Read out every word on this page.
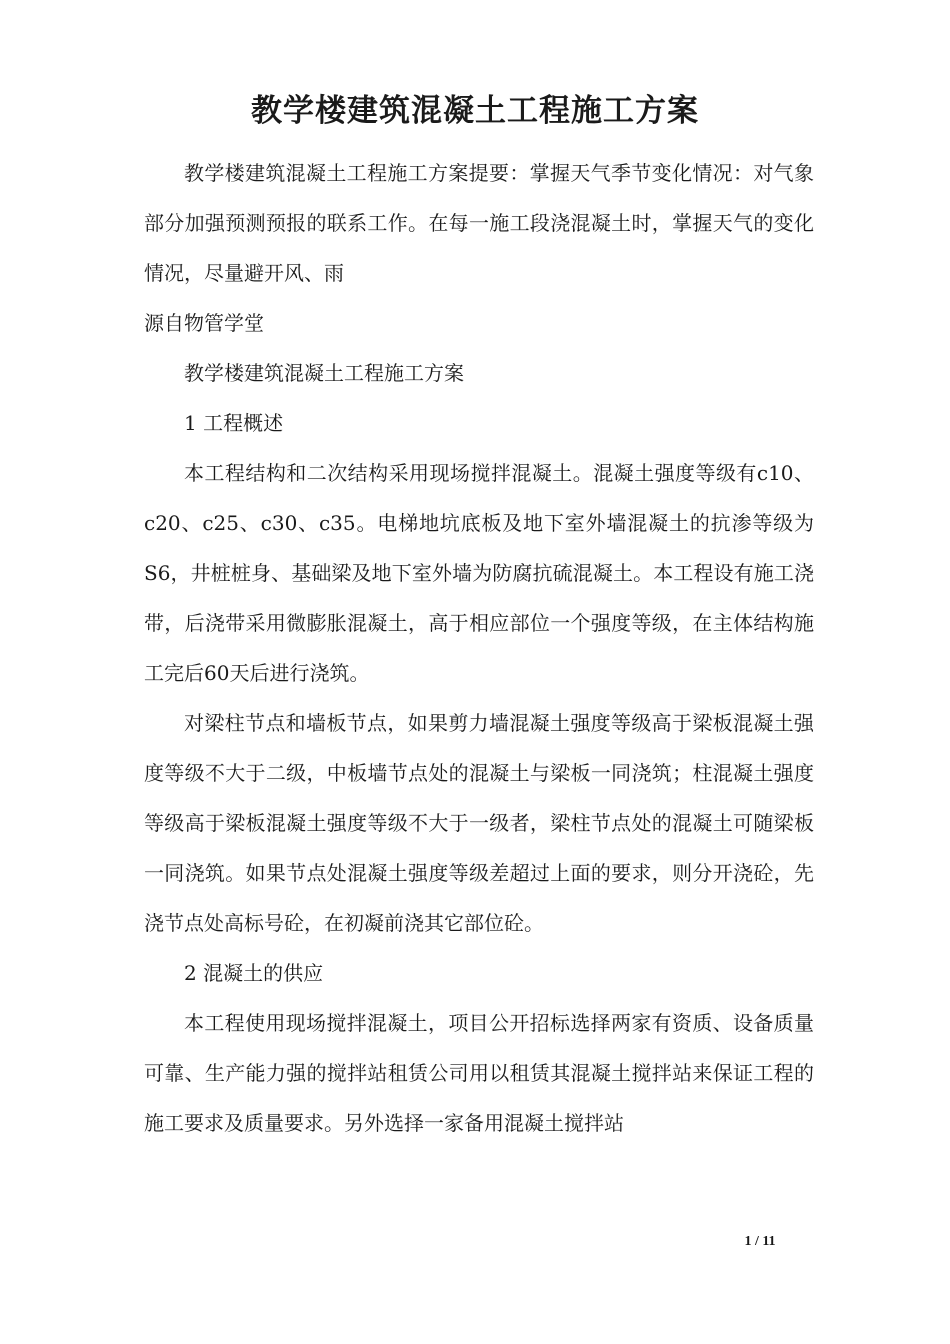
教学楼建筑混凝土工程施工方案

教学楼建筑混凝土工程施工方案提要：掌握天气季节变化情况：对气象部分加强预测预报的联系工作。在每一施工段浇混凝土时，掌握天气的变化情况，尽量避开风、雨

源自物管学堂

教学楼建筑混凝土工程施工方案

1 工程概述

本工程结构和二次结构采用现场搅拌混凝土。混凝土强度等级有c10、c20、c25、c30、c35。电梯地坑底板及地下室外墙混凝土的抗渗等级为 S6，井桩桩身、基础梁及地下室外墙为防腐抗硫混凝土。本工程设有施工浇带，后浇带采用微膨胀混凝土，高于相应部位一个强度等级，在主体结构施工完后60天后进行浇筑。

对梁柱节点和墙板节点，如果剪力墙混凝土强度等级高于梁板混凝土强度等级不大于二级，中板墙节点处的混凝土与梁板一同浇筑；柱混凝土强度等级高于梁板混凝土强度等级不大于一级者，梁柱节点处的混凝土可随梁板一同浇筑。如果节点处混凝土强度等级差超过上面的要求，则分开浇砼，先浇节点处高标号砼，在初凝前浇其它部位砼。

2 混凝土的供应

本工程使用现场搅拌混凝土，项目公开招标选择两家有资质、设备质量可靠、生产能力强的搅拌站租赁公司用以租赁其混凝土搅拌站来保证工程的施工要求及质量要求。另外选择一家备用混凝土搅拌站

1 / 11
